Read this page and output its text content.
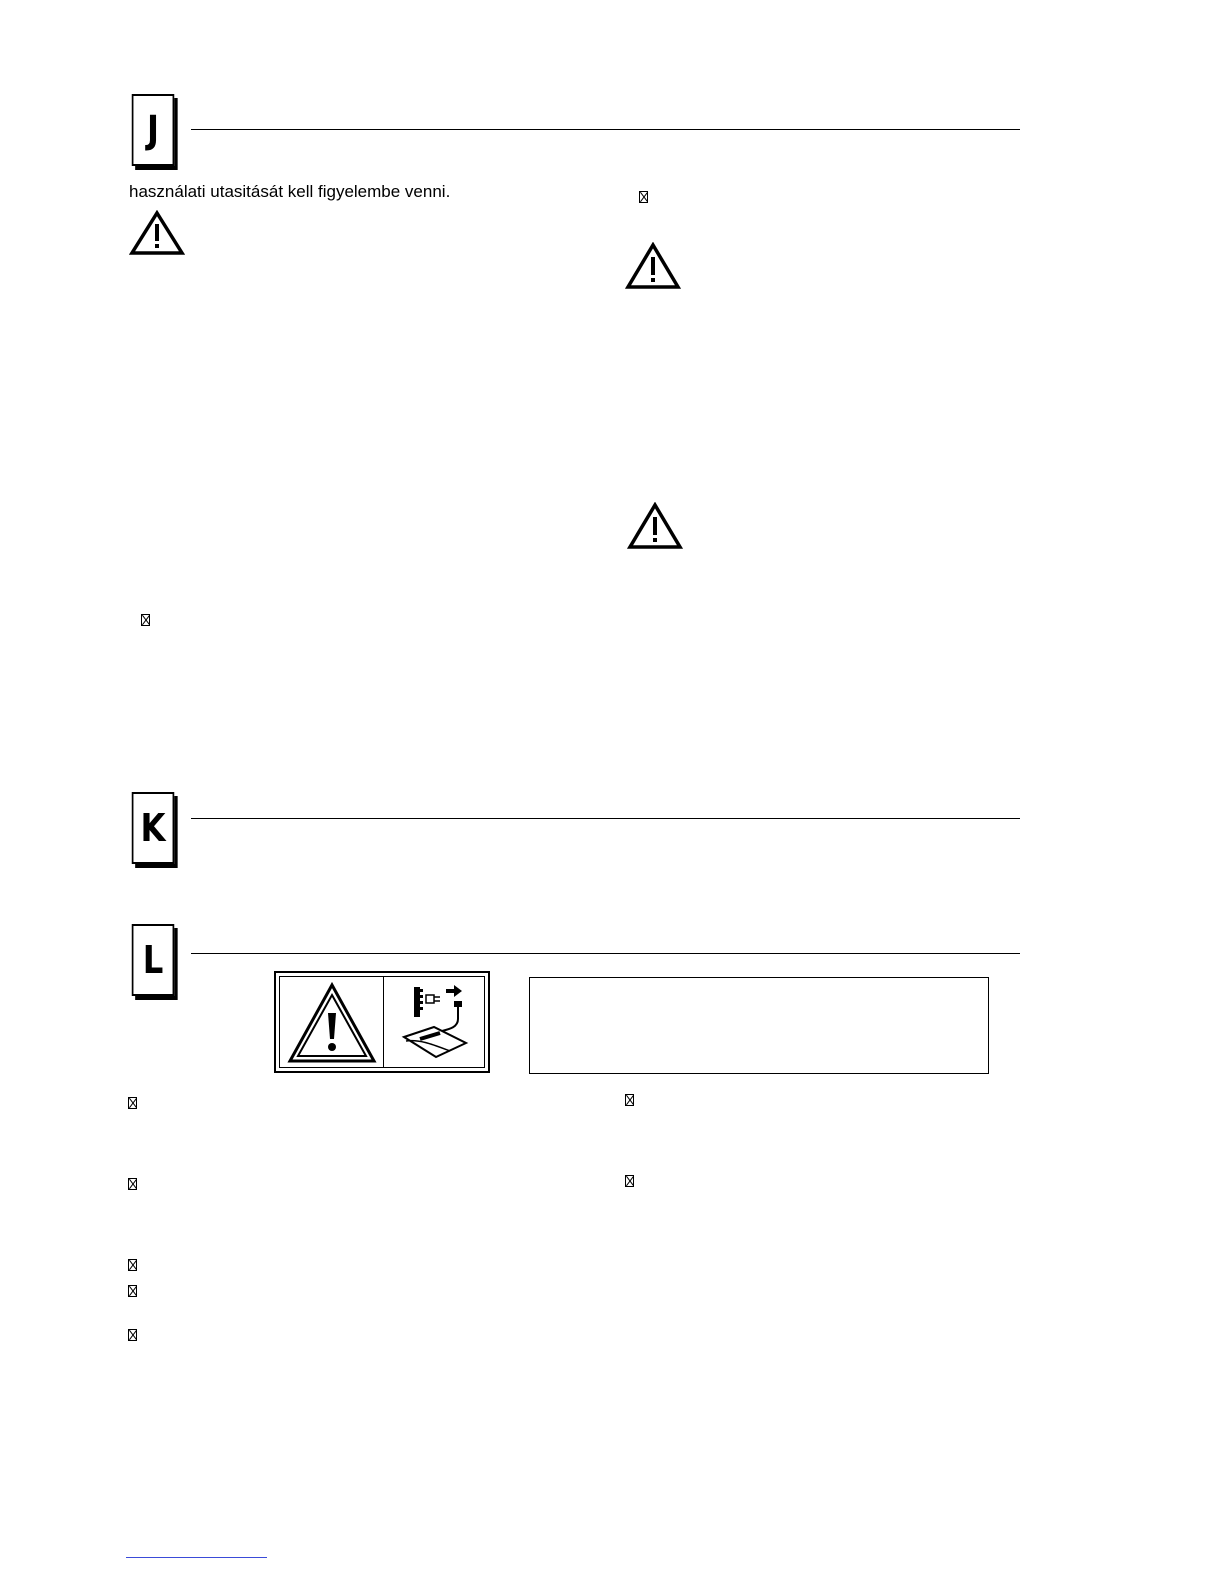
J
használati utasitását kell figyelembe venni.
K
L
